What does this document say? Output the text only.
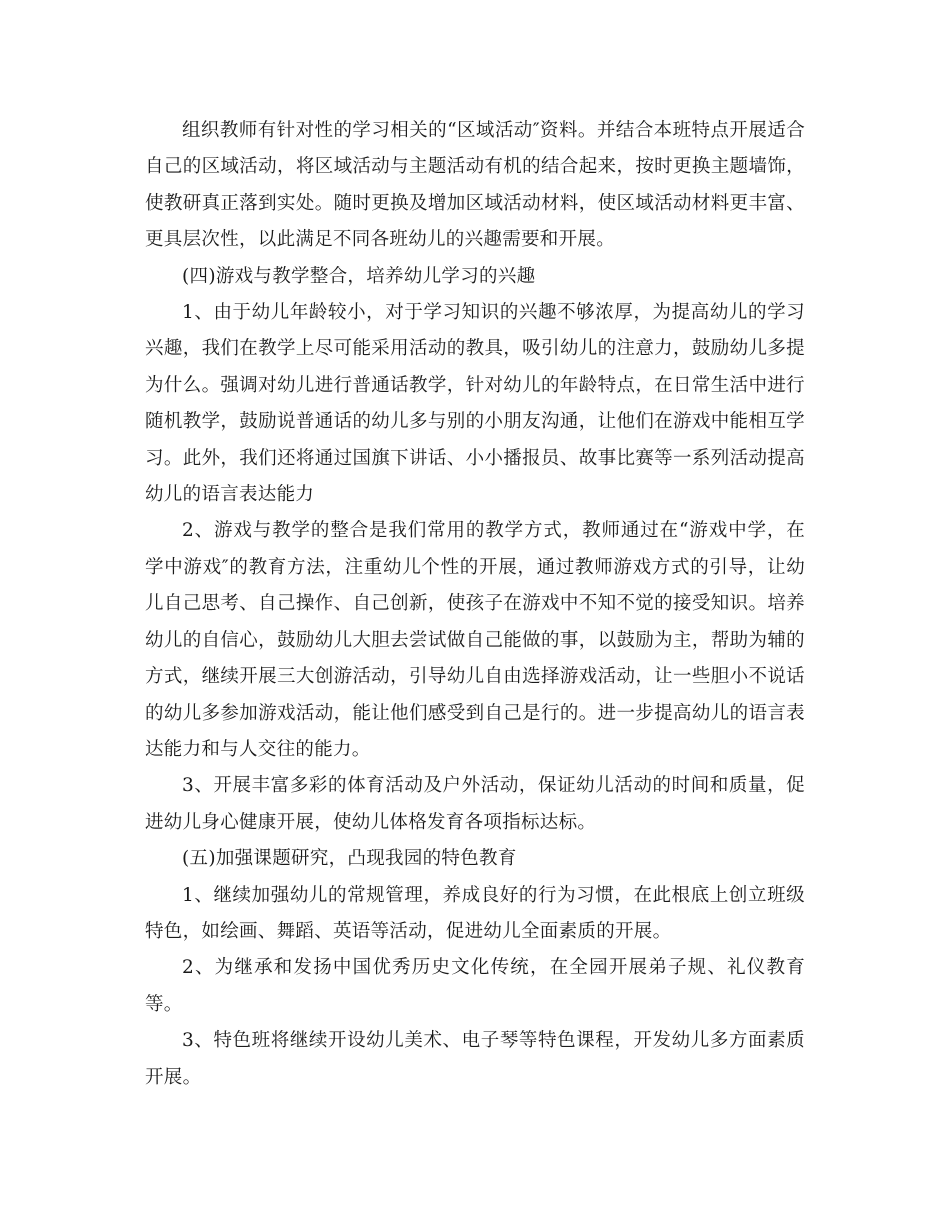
组织教师有针对性的学习相关的“区域活动″资料。并结合本班特点开展适合自己的区域活动，将区域活动与主题活动有机的结合起来，按时更换主题墙饰，使教研真正落到实处。随时更换及增加区域活动材料，使区域活动材料更丰富、更具层次性，以此满足不同各班幼儿的兴趣需要和开展。

(四)游戏与教学整合，培养幼儿学习的兴趣

1、由于幼儿年龄较小，对于学习知识的兴趣不够浓厚，为提高幼儿的学习兴趣，我们在教学上尽可能采用活动的教具，吸引幼儿的注意力，鼓励幼儿多提为什么。强调对幼儿进行普通话教学，针对幼儿的年龄特点，在日常生活中进行随机教学，鼓励说普通话的幼儿多与别的小朋友沟通，让他们在游戏中能相互学习。此外，我们还将通过国旗下讲话、小小播报员、故事比赛等一系列活动提高幼儿的语言表达能力

2、游戏与教学的整合是我们常用的教学方式，教师通过在“游戏中学，在学中游戏″的教育方法，注重幼儿个性的开展，通过教师游戏方式的引导，让幼儿自己思考、自己操作、自己创新，使孩子在游戏中不知不觉的接受知识。培养幼儿的自信心，鼓励幼儿大胆去尝试做自己能做的事，以鼓励为主，帮助为辅的方式，继续开展三大创游活动，引导幼儿自由选择游戏活动，让一些胆小不说话的幼儿多参加游戏活动，能让他们感受到自己是行的。进一步提高幼儿的语言表达能力和与人交往的能力。

3、开展丰富多彩的体育活动及户外活动，保证幼儿活动的时间和质量，促进幼儿身心健康开展，使幼儿体格发育各项指标达标。

(五)加强课题研究，凸现我园的特色教育

1、继续加强幼儿的常规管理，养成良好的行为习惯，在此根底上创立班级特色，如绘画、舞蹈、英语等活动，促进幼儿全面素质的开展。

2、为继承和发扬中国优秀历史文化传统，在全园开展弟子规、礼仪教育等。

3、特色班将继续开设幼儿美术、电子琴等特色课程，开发幼儿多方面素质开展。
